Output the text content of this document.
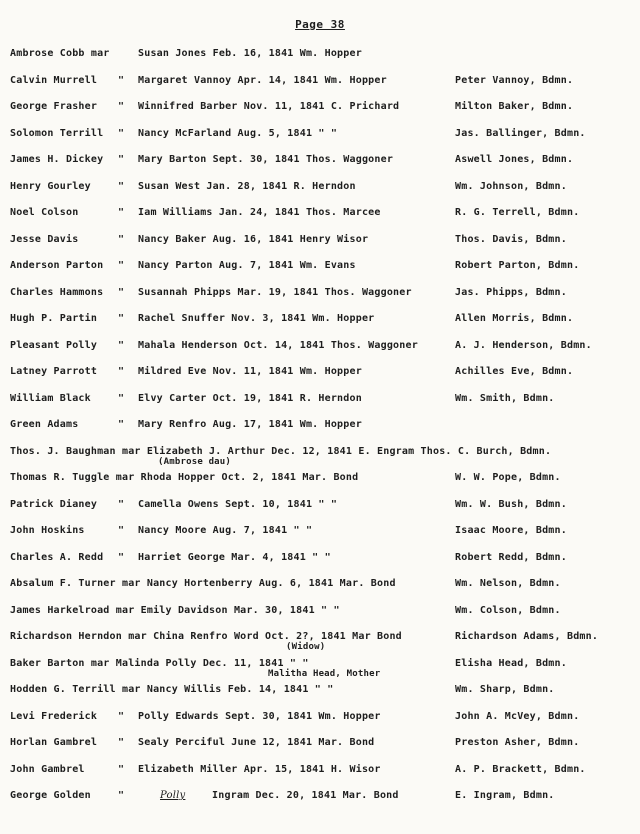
Page 38
Ambrose Cobb mar	Susan Jones Feb. 16, 1841 Wm. Hopper
Calvin Murrell " Margaret Vannoy Apr. 14, 1841 Wm. Hopper	Peter Vannoy, Bdmn.
George Frasher " Winnifred Barber Nov. 11, 1841 C. Prichard	Milton Baker, Bdmn.
Solomon Terrill " Nancy McFarland Aug. 5, 1841 " "	Jas. Ballinger, Bdmn.
James H. Dickey " Mary Barton Sept. 30, 1841 Thos. Waggoner	Aswell Jones, Bdmn.
Henry Gourley	" Susan West Jan. 28, 1841 R. Herndon	Wm. Johnson, Bdmn.
Noel Colson	" Iam Williams Jan. 24, 1841 Thos. Marcee	R. G. Terrell, Bdmn.
Jesse Davis	" Nancy Baker Aug. 16, 1841 Henry Wisor	Thos. Davis, Bdmn.
Anderson Parton " Nancy Parton Aug. 7, 1841 Wm. Evans	Robert Parton, Bdmn.
Charles Hammons " Susannah Phipps Mar. 19, 1841 Thos. Waggoner	Jas. Phipps, Bdmn.
Hugh P. Partin " Rachel Snuffer Nov. 3, 1841 Wm. Hopper	Allen Morris, Bdmn.
Pleasant Polly " Mahala Henderson Oct. 14, 1841 Thos. Waggoner	A. J. Henderson, Bdmn.
Latney Parrott " Mildred Eve Nov. 11, 1841 Wm. Hopper	Achilles Eve, Bdmn.
William Black	" Elvy Carter Oct. 19, 1841 R. Herndon	Wm. Smith, Bdmn.
Green Adams	" Mary Renfro Aug. 17, 1841 Wm. Hopper
Thos. J. Baughman mar Elizabeth J. Arthur Dec. 12, 1841 E. Engram Thos. C. Burch, Bdmn.
(Ambrose dau)
Thomas R. Tuggle mar Rhoda Hopper Oct. 2, 1841 Mar. Bond	W. W. Pope, Bdmn.
Patrick Dianey " Camella Owens Sept. 10, 1841 " "	Wm. W. Bush, Bdmn.
John Hoskins	" Nancy Moore Aug. 7, 1841 " "	Isaac Moore, Bdmn.
Charles A. Redd " Harriet George Mar. 4, 1841 " "	Robert Redd, Bdmn.
Absalum F. Turner mar Nancy Hortenberry Aug. 6, 1841 Mar. Bond	Wm. Nelson, Bdmn.
James Harkelroad mar Emily Davidson Mar. 30, 1841 " "	Wm. Colson, Bdmn.
Richardson Herndon mar China Renfro Word Oct. 2?, 1841 Mar Bond	Richardson Adams, Bdmn.
(Widow)
Baker Barton mar Malinda Polly Dec. 11, 1841 " "	Elisha Head, Bdmn.
Malitha Head, Mother
Hodden G. Terrill mar Nancy Willis Feb. 14, 1841 " "	Wm. Sharp, Bdmn.
Levi Frederick " Polly Edwards Sept. 30, 1841 Wm. Hopper	John A. McVey, Bdmn.
Horlan Gambrel " Sealy Perciful June 12, 1841 Mar. Bond	Preston Asher, Bdmn.
John Gambrel	" Elizabeth Miller Apr. 15, 1841 H. Wisor	A. P. Brackett, Bdmn.
George Golden	"	Polly	Ingram Dec. 20, 1841 Mar. Bond	E. Ingram, Bdmn.
